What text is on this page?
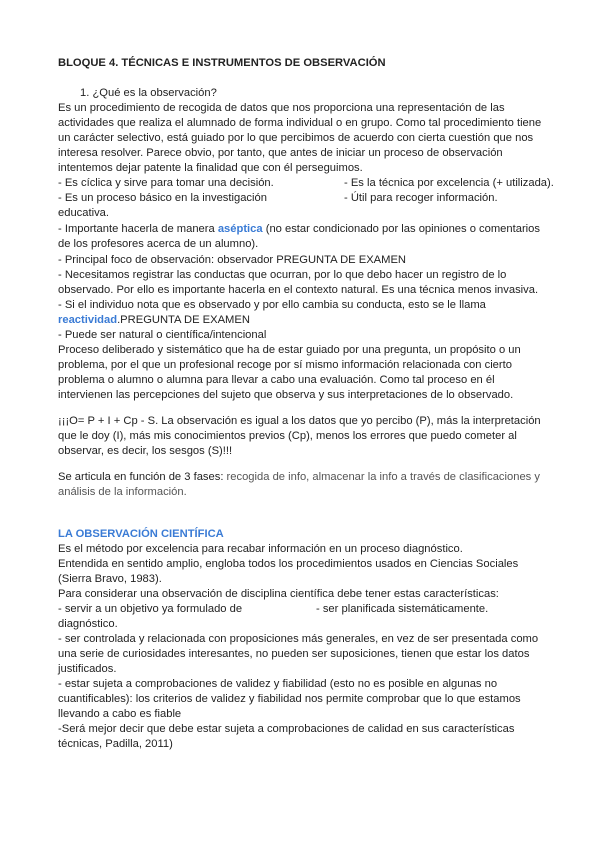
BLOQUE 4. TÉCNICAS E INSTRUMENTOS DE OBSERVACIÓN
1. ¿Qué es la observación?
Es un procedimiento de recogida de datos que nos proporciona una representación de las
actividades que realiza el alumnado de forma individual o en grupo. Como tal procedimiento tiene
un carácter selectivo, está guiado por lo que percibimos de acuerdo con cierta cuestión que nos
interesa resolver. Parece obvio, por tanto, que antes de iniciar un proceso de observación
intentemos dejar patente la finalidad que con él perseguimos.
- Es cíclica y sirve para tomar una decisión.	- Es la técnica por excelencia (+ utilizada).
- Es un proceso básico en la investigación	- Útil para recoger información.
educativa.
- Importante hacerla de manera aséptica (no estar condicionado por las opiniones o comentarios
de los profesores acerca de un alumno).
- Principal foco de observación: observador PREGUNTA DE EXAMEN
- Necesitamos registrar las conductas que ocurran, por lo que debo hacer un registro de lo
observado. Por ello es importante hacerla en el contexto natural. Es una técnica menos invasiva.
- Si el individuo nota que es observado y por ello cambia su conducta, esto se le llama
reactividad.PREGUNTA DE EXAMEN
- Puede ser natural o científica/intencional
Proceso deliberado y sistemático que ha de estar guiado por una pregunta, un propósito o un
problema, por el que un profesional recoge por sí mismo información relacionada con cierto
problema o alumno o alumna para llevar a cabo una evaluación. Como tal proceso en él
intervienen las percepciones del sujeto que observa y sus interpretaciones de lo observado.
¡¡¡O= P + I + Cp - S. La observación es igual a los datos que yo percibo (P), más la interpretación
que le doy (I), más mis conocimientos previos (Cp), menos los errores que puedo cometer al
observar, es decir, los sesgos (S)!!!
Se articula en función de 3 fases: recogida de info, almacenar la info a través de clasificaciones y
análisis de la información.
LA OBSERVACIÓN CIENTÍFICA
Es el método por excelencia para recabar información en un proceso diagnóstico.
Entendida en sentido amplio, engloba todos los procedimientos usados en Ciencias Sociales
(Sierra Bravo, 1983).
Para considerar una observación de disciplina científica debe tener estas características:
- servir a un objetivo ya formulado de	- ser planificada sistemáticamente.
diagnóstico.
- ser controlada y relacionada con proposiciones más generales, en vez de ser presentada como
una serie de curiosidades interesantes, no pueden ser suposiciones, tienen que estar los datos
justificados.
- estar sujeta a comprobaciones de validez y fiabilidad (esto no es posible en algunas no
cuantificables): los criterios de validez y fiabilidad nos permite comprobar que lo que estamos
llevando a cabo es fiable
-Será mejor decir que debe estar sujeta a comprobaciones de calidad en sus características
técnicas, Padilla, 2011)
